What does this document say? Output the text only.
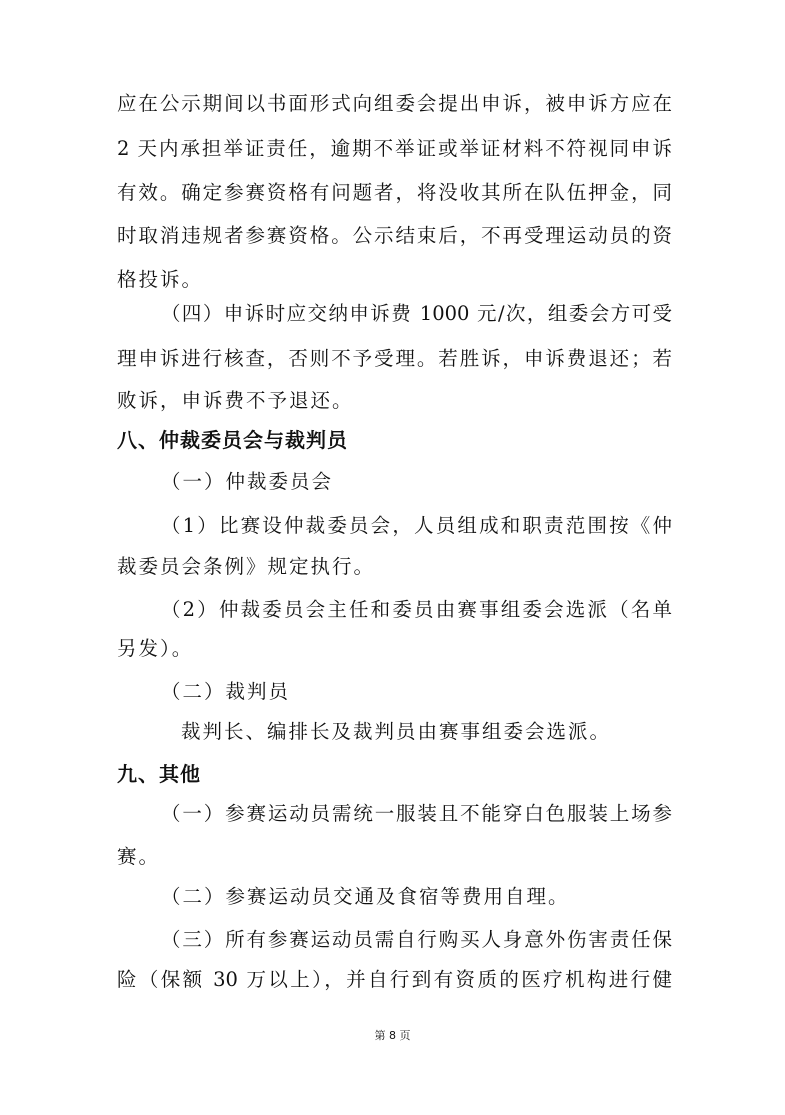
应在公示期间以书面形式向组委会提出申诉，被申诉方应在
2 天内承担举证责任，逾期不举证或举证材料不符视同申诉
有效。确定参赛资格有问题者，将没收其所在队伍押金，同
时取消违规者参赛资格。公示结束后，不再受理运动员的资
格投诉。
（四）申诉时应交纳申诉费 1000 元/次，组委会方可受
理申诉进行核查，否则不予受理。若胜诉，申诉费退还；若
败诉，申诉费不予退还。
八、仲裁委员会与裁判员
（一）仲裁委员会
（1）比赛设仲裁委员会，人员组成和职责范围按《仲
裁委员会条例》规定执行。
（2）仲裁委员会主任和委员由赛事组委会选派（名单
另发）。
（二）裁判员
裁判长、编排长及裁判员由赛事组委会选派。
九、其他
（一）参赛运动员需统一服装且不能穿白色服装上场参
赛。
（二）参赛运动员交通及食宿等费用自理。
（三）所有参赛运动员需自行购买人身意外伤害责任保
险（保额 30 万以上），并自行到有资质的医疗机构进行健
第 8 页
